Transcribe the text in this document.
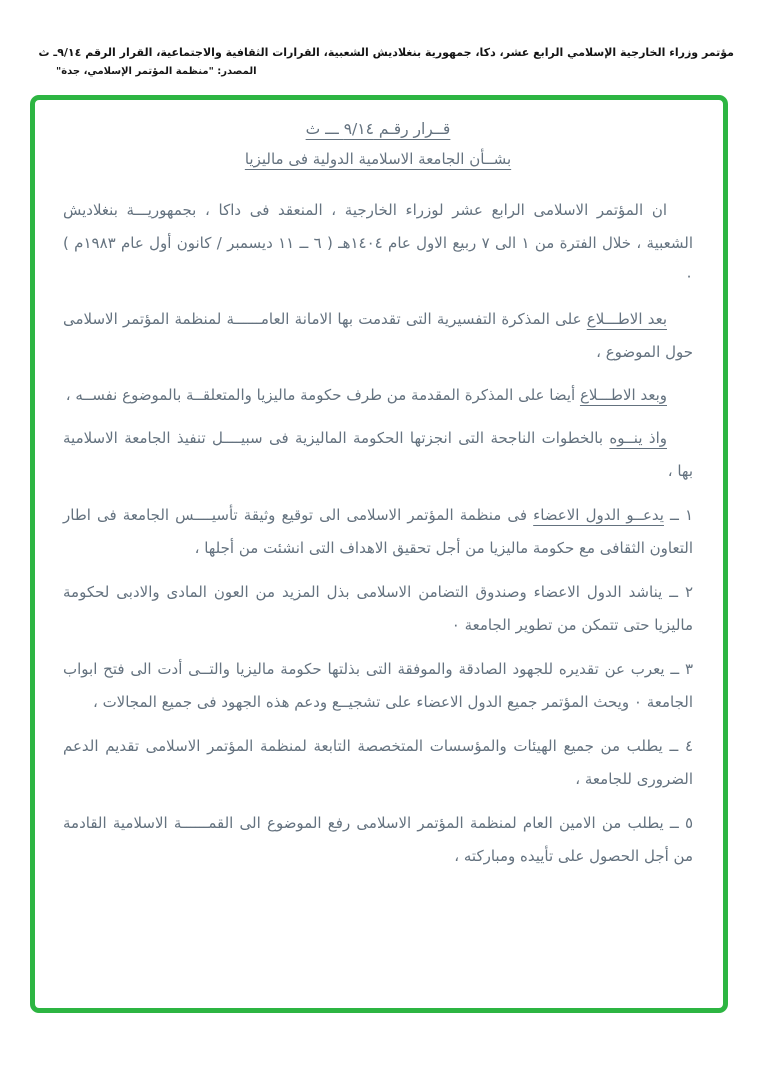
مؤتمر وزراء الخارجية الإسلامي الرابع عشر، دكا، جمهورية بنغلاديش الشعبية، القرارات الثقافية والاجتماعية، القرار الرقم ٩/١٤ـ ث
المصدر: "منظمة المؤتمر الإسلامي، جدة"
قــرار رقـم ٩/١٤ ـــ ث
بشــأن الجامعة الاسلامية الدولية فى ماليزيا

ان المؤتمر الاسلامى الرابع عشر لوزراء الخارجية ، المنعقد فى داكا ، بجمهوريـــة بنغلاديش الشعبية ، خلال الفترة من ١ الى ٧ ربيع الاول عام ١٤٠٤هـ ( ٦ ــ ١١ ديسمبر / كانون أول عام ١٩٨٣م ) ٠

بعد الاطـــلاع على المذكرة التفسيرية التى تقدمت بها الامانة العامــــــة لمنظمة المؤتمر الاسلامى حول الموضوع ،

وبعد الاطـــلاع أيضا على المذكرة المقدمة من طرف حكومة ماليزيا والمتعلقــة بالموضوع نفســه ،

واذ ينــوه بالخطوات الناجحة التى انجزتها الحكومة الماليزية فى سبيــــل تنفيذ الجامعة الاسلامية بها ،

١ ــ يدعــو الدول الاعضاء فى منظمة المؤتمر الاسلامى الى توقيع وثيقة تأسيــــس الجامعة فى اطار التعاون الثقافى مع حكومة ماليزيا من أجل تحقيق الاهداف التى انشئت من أجلها ،

٢ ــ يناشد الدول الاعضاء وصندوق التضامن الاسلامى بذل المزيد من العون المادى والادبى لحكومة ماليزيا حتى تتمكن من تطوير الجامعة ٠

٣ ــ يعرب عن تقديره للجهود الصادقة والموفقة التى بذلتها حكومة ماليزيا والتــى أدت الى فتح ابواب الجامعة ٠ ويحث المؤتمر جميع الدول الاعضاء على تشجيــع ودعم هذه الجهود فى جميع المجالات ،

٤ ــ يطلب من جميع الهيئات والمؤسسات المتخصصة التابعة لمنظمة المؤتمر الاسلامى تقديم الدعم الضرورى للجامعة ،

٥ ــ يطلب من الامين العام لمنظمة المؤتمر الاسلامى رفع الموضوع الى القمــــــة الاسلامية القادمة من أجل الحصول على تأييده ومباركته ،
